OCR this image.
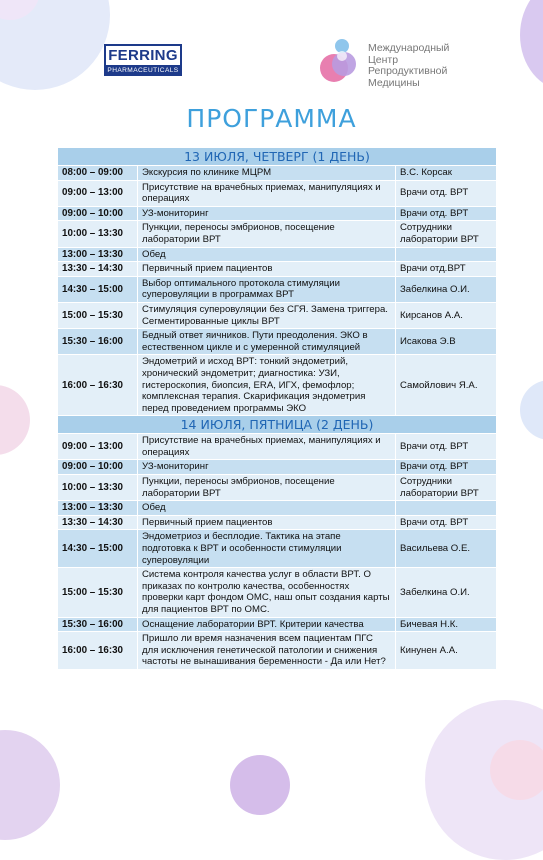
FERRING
PHARMACEUTICALS
Международный
Центр
Репродуктивной
Медицины
ПРОГРАММА
13 ИЮЛЯ, ЧЕТВЕРГ (1 ДЕНЬ)		
08:00 – 09:00	Экскурсия по клинике МЦРМ	В.С. Корсак
09:00 – 13:00	Присутствие на врачебных приемах, манипуляциях и операциях	Врачи отд. ВРТ
09:00 – 10:00	УЗ-мониторинг	Врачи отд. ВРТ
10:00 – 13:30	Пункции, переносы эмбрионов, посещение лаборатории ВРТ	Сотрудники лаборатории ВРТ
13:00 – 13:30	Обед	
13:30 – 14:30	Первичный прием пациентов	Врачи отд.ВРТ
14:30 – 15:00	Выбор оптимального протокола стимуляции суперовуляции в программах ВРТ	Забелкина О.И.
15:00 – 15:30	Стимуляция суперовуляции без СГЯ. Замена триггера. Сегментированные циклы ВРТ	Кирсанов А.А.
15:30 – 16:00	Бедный ответ яичников. Пути преодоления. ЭКО в естественном цикле и с умеренной стимуляцией	Исакова Э.В
16:00 – 16:30	Эндометрий и исход ВРТ: тонкий эндометрий, хронический эндометрит; диагностика: УЗИ, гистероскопия, биопсия, ERA, ИГХ, фемофлор; комплексная терапия. Скарификация эндометрия перед проведением программы ЭКО	Самойлович Я.А.
14 ИЮЛЯ, ПЯТНИЦА (2 ДЕНЬ)		
09:00 – 13:00	Присутствие на врачебных приемах, манипуляциях и операциях	Врачи отд. ВРТ
09:00 – 10:00	УЗ-мониторинг	Врачи отд. ВРТ
10:00 – 13:30	Пункции, переносы эмбрионов, посещение лаборатории ВРТ	Сотрудники лаборатории ВРТ
13:00 – 13:30	Обед	
13:30 – 14:30	Первичный прием пациентов	Врачи отд. ВРТ
14:30 – 15:00	Эндометриоз и бесплодие. Тактика на этапе подготовка к ВРТ и особенности стимуляции суперовуляции	Васильева О.Е.
15:00 – 15:30	Система контроля качества услуг в области ВРТ. О приказах по контролю качества, особенностях проверки карт фондом ОМС, наш опыт создания карты для пациентов ВРТ по ОМС.	Забелкина О.И.
15:30 – 16:00	Оснащение лаборатории ВРТ. Критерии качества	Бичевая Н.К.
16:00 – 16:30	Пришло ли время назначения всем пациентам ПГС для исключения генетической патологии и снижения частоты не вынашивания беременности - Да или Нет?	Кинунен А.А.
